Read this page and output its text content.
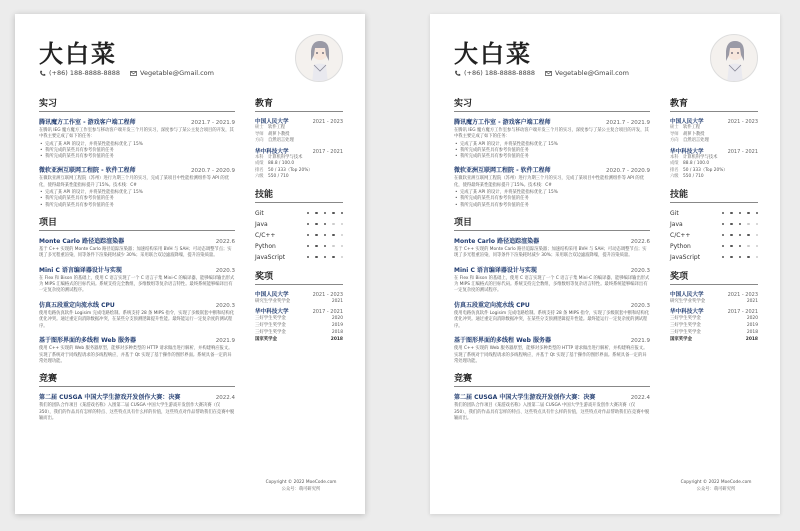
大白菜
(+86) 188-8888-8888	Vegetable@Gmail.com
实习
腾讯魔方工作室 - 游戏客户端工程师	2021.7 - 2021.9
在腾讯 IEG 魔方魔方工作室参与移动客户端开发三个月的实习，深度参与了某公主复合项目的开发，其中我主要完成了如下的任务：
• 完成了某 API 的设计，并将某性能指标优化了 15%
• 我所完成的某些具有参考价值的任务
• 我所完成的某些具有参考价值的任务
微软亚洲互联网工程院 - 软件工程师	2020.7 - 2020.9
在微软亚洲互联网工程院（苏州）进行为期三个月的实习，完成了某项目中性能检测组件等 API 的优化，使得最终某性能指标提升了15%。技术栈：C#
• 完成了某 API 的设计，并将某性能指标优化了 15%
• 我所完成的某些具有参考价值的任务
• 我所完成的某些具有参考价值的任务
项目
Monte Carlo 路径追踪渲染器	2022.6
基于 C++ 实现的 Monte Carlo 路径追踪渲染器；加速结构采用 BVH 与 SAH；可动态调整节点；实现了多光程重渲染，同等条件下渲染耗时减少 30%；采用联合双边滤波降噪，提升渲染质量。
Mini C 语言编译器设计与实现	2020.3
在 Flex 和 Bison 的基础上，使用 C 语言实现了一个 C 语言子集 Mini-C 的编译器。能够编译输出形式为 MIPS 汇编格式的目标代码。系统支持完全数组，多维数组等复杂语言特性。最终系统能够编译出有一定复杂度的测试程序。
仿真五段重定向流水线 CPU	2020.3
使用电路仿真软件 Logisim 完成电路绘制。系统支持 28 条 MIPS 指令，实现了多级嵌套中断和结构化优化冲突。通过重定向消除数据冲突，在某些分支预测逻辑提升性能。最终能运行一定复杂度的测试程序。
基于图形界面的多线程 Web 服务器	2021.9
使用 C++ 实现的 Web 服务器原型，能够对多种类型的 HTTP 请求做出进行解析、并构建响应报文。实现了系统对于同线程请求的多线程响应，并基于 Qt 实现了基于操作的图形界面。系统具备一定的异常处理功能。
竞赛
第二届 CUSGA 中国大学生游戏开发创作大赛：决赛	2022.4
我们的团队合作项目《某游戏名称》入围第二届 CUSGA 中国大学生游戏开发创作大赛决赛（仅 350），我们的作品具有怎样的特点、这些特点具有什么样的价值，这些特点对作品帮助我们在竞赛中脱颖而出。
教育
中国人民大学	2021 - 2023
硕士	软件工程
导师	胡萝卜教授
方向	自然语言处理
华中科技大学	2017 - 2021
本科	计算机科学与技术
成绩	88.8 / 100.0
排名	50 / 333（Top 20%）
六级	550 / 710
技能
Git
Java
C/C++
Python
JavaScript
奖项
中国人民大学	2021 - 2023
研究生学业奖学金	2021
华中科技大学	2017 - 2021
三好学生奖学金	2020
三好学生奖学金	2019
三好学生奖学金	2018
国家奖学金	2018
Copyright © 2022 MoeCode.com
公众号：萌可研究所
大白菜
(+86) 188-8888-8888	Vegetable@Gmail.com
实习
腾讯魔方工作室 - 游戏客户端工程师	2021.7 - 2021.9
在腾讯 IEG 魔方魔方工作室参与移动客户端开发三个月的实习，深度参与了某公主复合项目的开发，其中我主要完成了如下的任务：
• 完成了某 API 的设计，并将某性能指标优化了 15%
• 我所完成的某些具有参考价值的任务
• 我所完成的某些具有参考价值的任务
微软亚洲互联网工程院 - 软件工程师	2020.7 - 2020.9
在微软亚洲互联网工程院（苏州）进行为期三个月的实习，完成了某项目中性能检测组件等 API 的优化，使得最终某性能指标提升了15%。技术栈：C#
• 完成了某 API 的设计，并将某性能指标优化了 15%
• 我所完成的某些具有参考价值的任务
• 我所完成的某些具有参考价值的任务
项目
Monte Carlo 路径追踪渲染器	2022.6
基于 C++ 实现的 Monte Carlo 路径追踪渲染器；加速结构采用 BVH 与 SAH；可动态调整节点；实现了多光程重渲染，同等条件下渲染耗时减少 30%；采用联合双边滤波降噪，提升渲染质量。
Mini C 语言编译器设计与实现	2020.3
在 Flex 和 Bison 的基础上，使用 C 语言实现了一个 C 语言子集 Mini-C 的编译器。能够编译输出形式为 MIPS 汇编格式的目标代码。系统支持完全数组，多维数组等复杂语言特性。最终系统能够编译出有一定复杂度的测试程序。
仿真五段重定向流水线 CPU	2020.3
使用电路仿真软件 Logisim 完成电路绘制。系统支持 28 条 MIPS 指令，实现了多级嵌套中断和结构化优化冲突。通过重定向消除数据冲突，在某些分支预测逻辑提升性能。最终能运行一定复杂度的测试程序。
基于图形界面的多线程 Web 服务器	2021.9
使用 C++ 实现的 Web 服务器原型，能够对多种类型的 HTTP 请求做出进行解析、并构建响应报文。实现了系统对于同线程请求的多线程响应，并基于 Qt 实现了基于操作的图形界面。系统具备一定的异常处理功能。
竞赛
第二届 CUSGA 中国大学生游戏开发创作大赛：决赛	2022.4
我们的团队合作项目《某游戏名称》入围第二届 CUSGA 中国大学生游戏开发创作大赛决赛（仅 350），我们的作品具有怎样的特点、这些特点具有什么样的价值，这些特点对作品帮助我们在竞赛中脱颖而出。
教育
中国人民大学	2021 - 2023
硕士	软件工程
导师	胡萝卜教授
方向	自然语言处理
华中科技大学	2017 - 2021
本科	计算机科学与技术
成绩	88.8 / 100.0
排名	50 / 333（Top 20%）
六级	550 / 710
技能
Git
Java
C/C++
Python
JavaScript
奖项
中国人民大学	2021 - 2023
研究生学业奖学金	2021
华中科技大学	2017 - 2021
三好学生奖学金	2020
三好学生奖学金	2019
三好学生奖学金	2018
国家奖学金	2018
Copyright © 2022 MoeCode.com
公众号：萌可研究所
